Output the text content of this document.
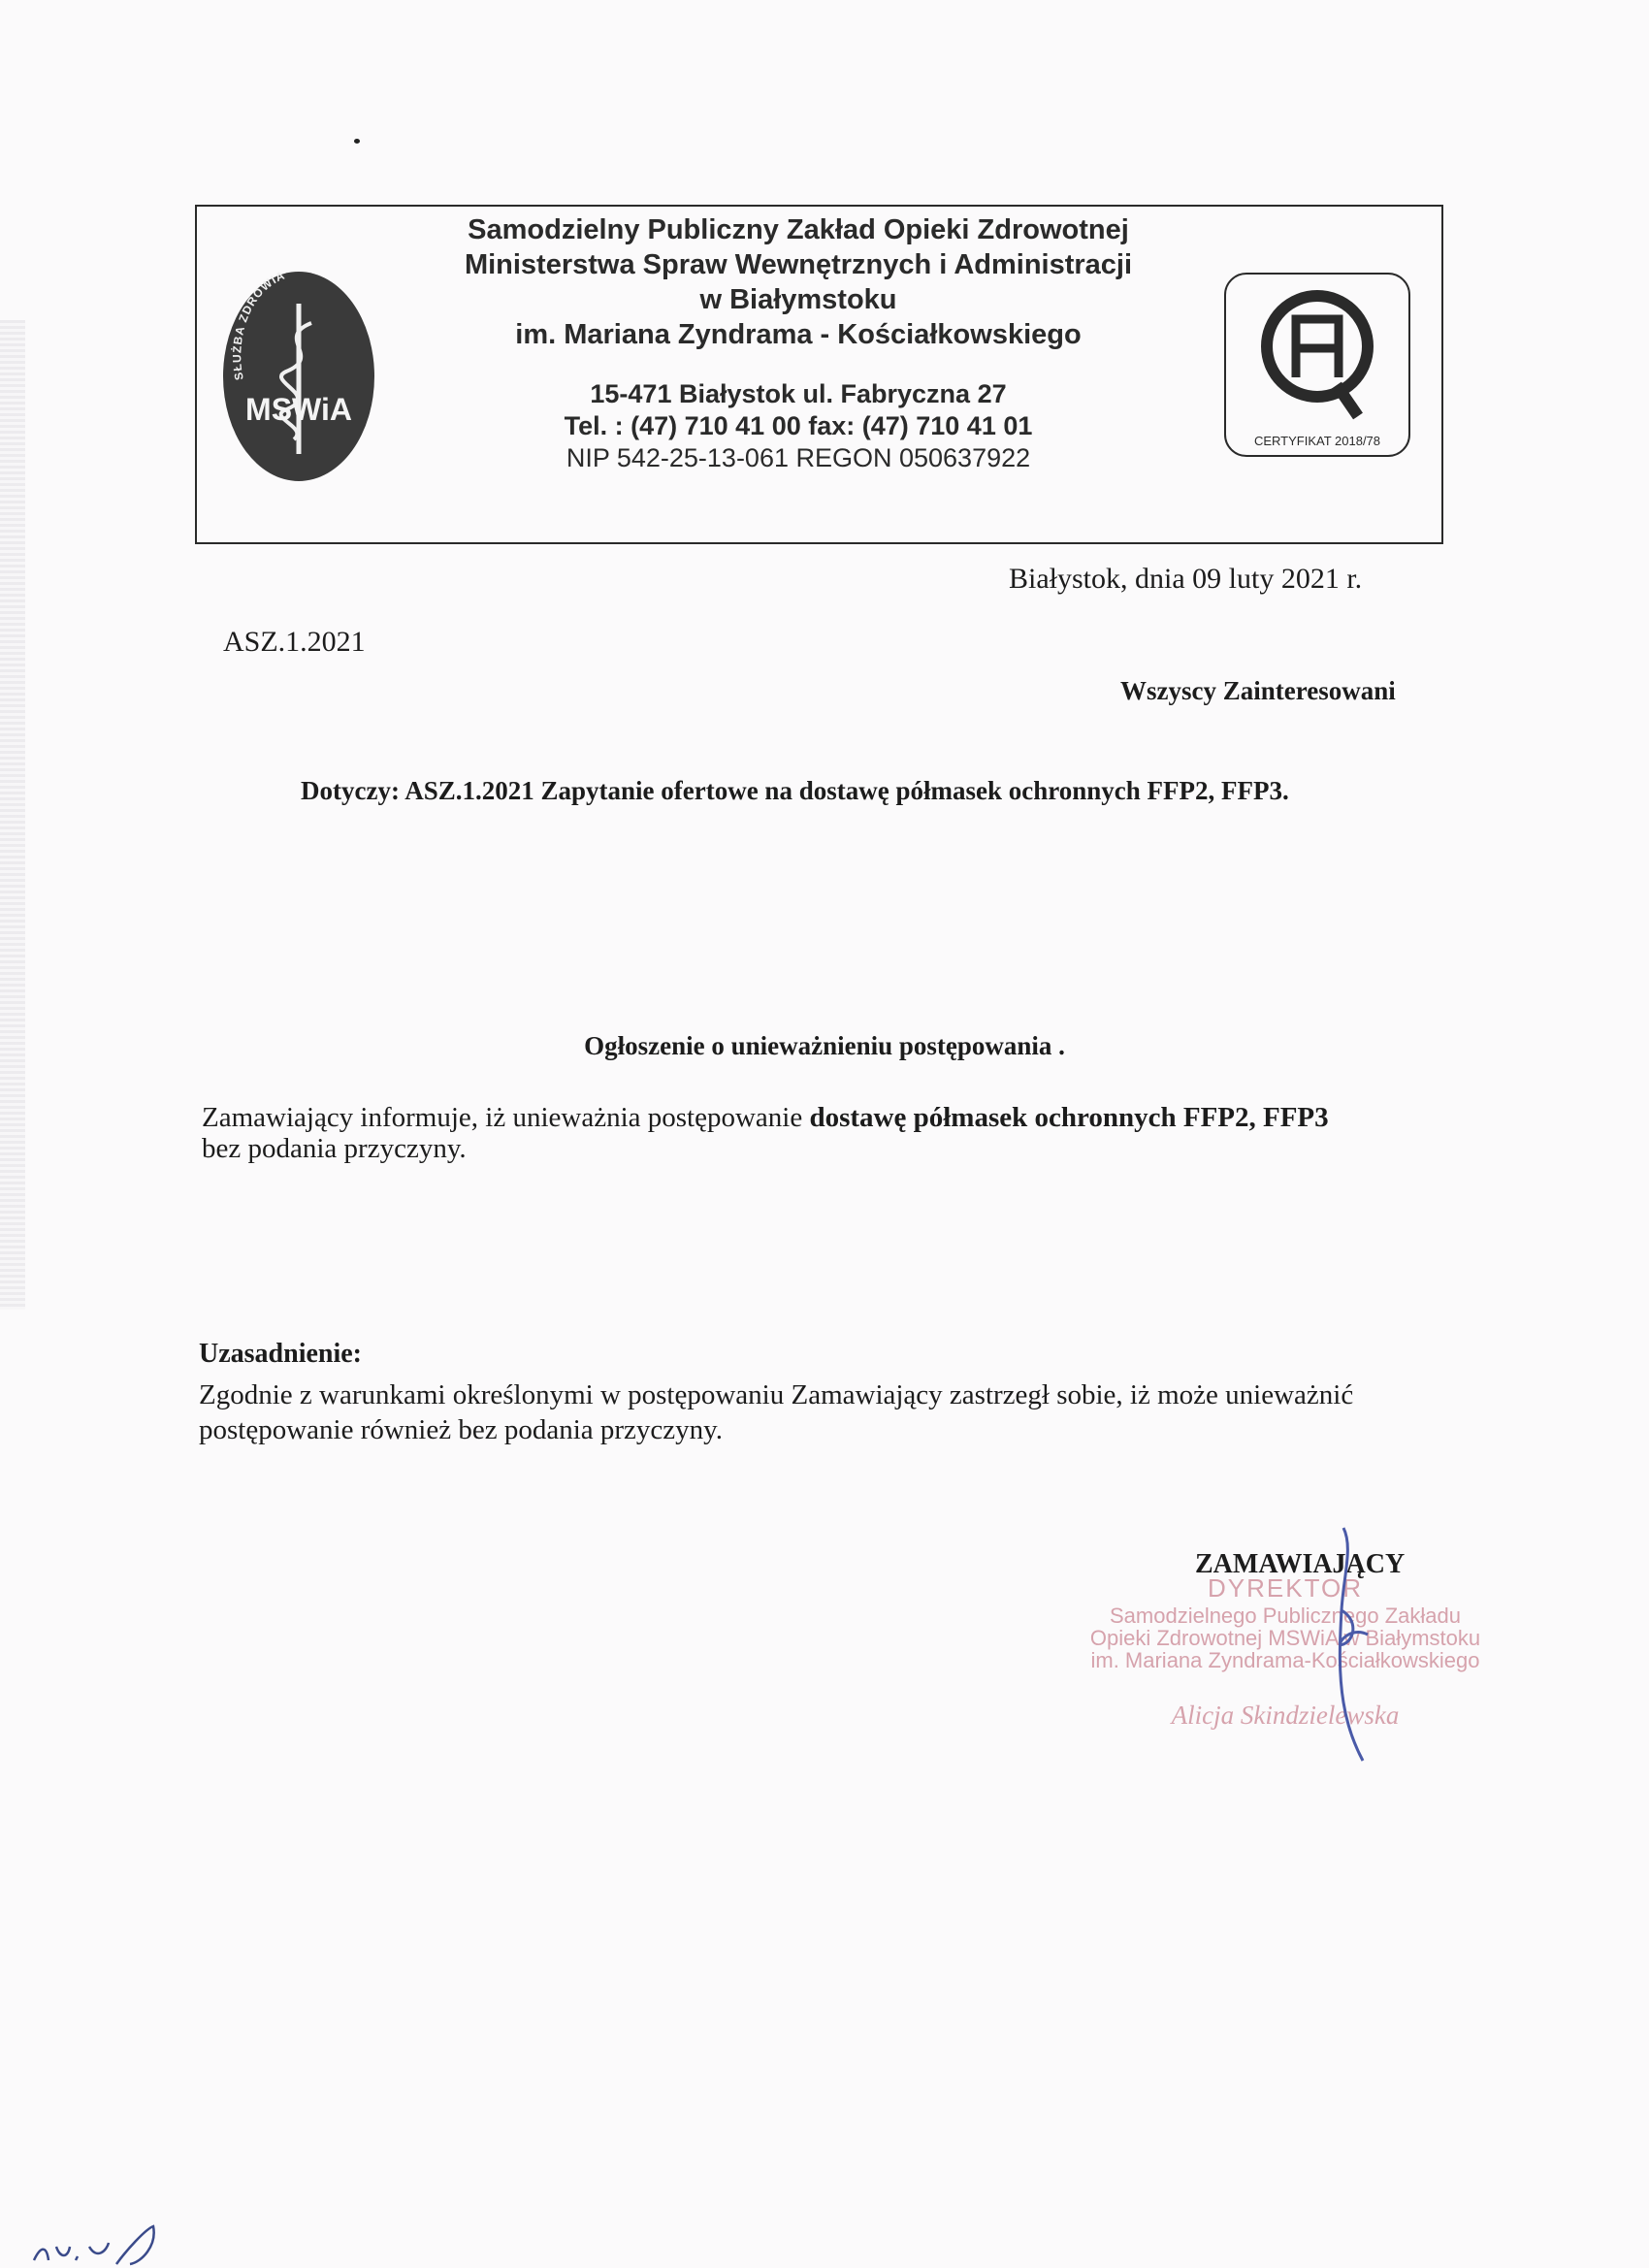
SŁUŻBA ZDROWIA
MSWiA
Samodzielny Publiczny Zakład Opieki Zdrowotnej
Ministerstwa Spraw Wewnętrznych i Administracji
w Białymstoku
im. Mariana Zyndrama - Kościałkowskiego
15-471 Białystok ul. Fabryczna 27
Tel. : (47) 710 41 00 fax: (47) 710 41 01
NIP 542-25-13-061 REGON 050637922
CERTYFIKAT 2018/78
Białystok, dnia 09 luty 2021 r.
ASZ.1.2021
Wszyscy Zainteresowani
Dotyczy: ASZ.1.2021 Zapytanie ofertowe na dostawę półmasek ochronnych FFP2, FFP3.
Ogłoszenie o unieważnieniu postępowania .
Zamawiający informuje, iż unieważnia postępowanie dostawę półmasek ochronnych FFP2, FFP3
bez podania przyczyny.
Uzasadnienie:
Zgodnie z warunkami określonymi w postępowaniu Zamawiający zastrzegł sobie, iż może unieważnić
postępowanie również bez podania przyczyny.
DYREKTOR
Samodzielnego Publicznego Zakładu
Opieki Zdrowotnej MSWiA w Białymstoku
im. Mariana Zyndrama-Kościałkowskiego
Alicja Skindzielewska
ZAMAWIAJĄCY
